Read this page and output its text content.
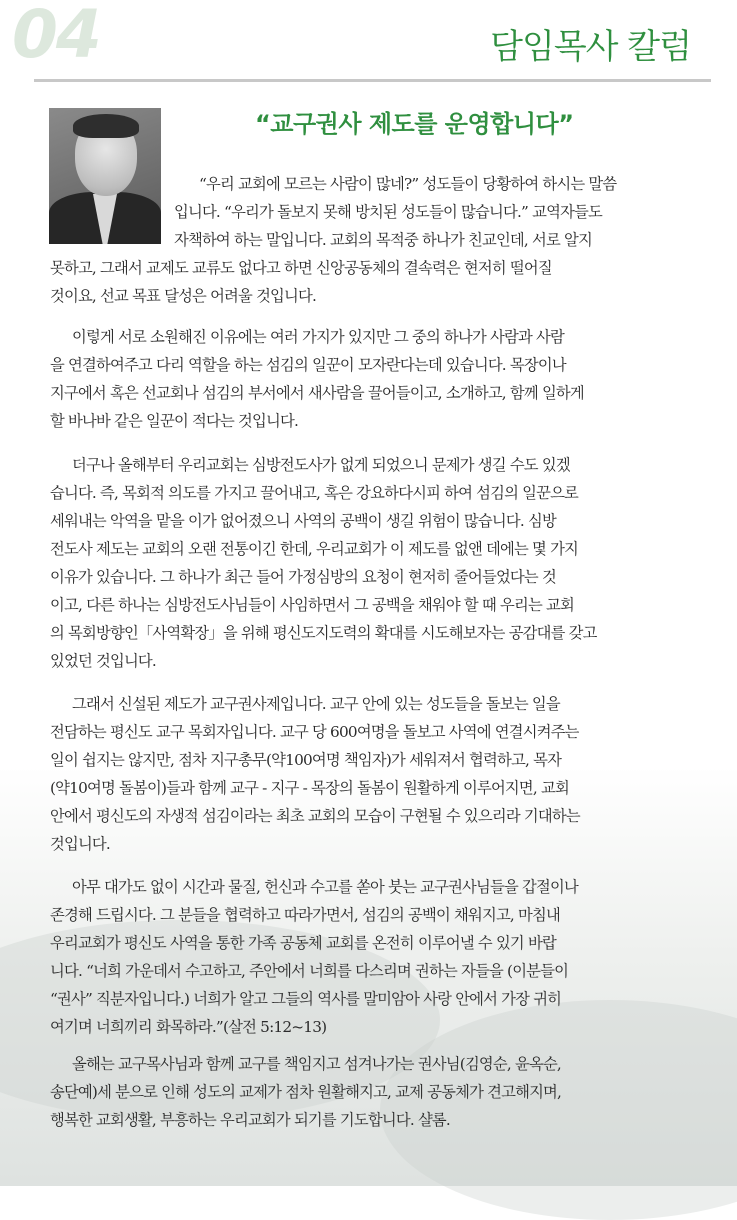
04	담임목사 칼럼
“교구권사 제도를 운영합니다”
“우리 교회에 모르는 사람이 많네?” 성도들이 당황하여 하시는 말씀
입니다. “우리가 돌보지 못해 방치된 성도들이 많습니다.” 교역자들도
자책하여 하는 말입니다. 교회의 목적중 하나가 친교인데, 서로 알지
못하고, 그래서 교제도 교류도 없다고 하면 신앙공동체의 결속력은 현저히 떨어질
것이요, 선교 목표 달성은 어려울 것입니다.
이렇게 서로 소원해진 이유에는 여러 가지가 있지만 그 중의 하나가 사람과 사람
을 연결하여주고 다리 역할을 하는 섬김의 일꾼이 모자란다는데 있습니다. 목장이나
지구에서 혹은 선교회나 섬김의 부서에서 새사람을 끌어들이고, 소개하고, 함께 일하게
할 바나바 같은 일꾼이 적다는 것입니다.
더구나 올해부터 우리교회는 심방전도사가 없게 되었으니 문제가 생길 수도 있겠
습니다. 즉, 목회적 의도를 가지고 끌어내고, 혹은 강요하다시피 하여 섬김의 일꾼으로
세워내는 악역을 맡을 이가 없어졌으니 사역의 공백이 생길 위험이 많습니다. 심방
전도사 제도는 교회의 오랜 전통이긴 한데, 우리교회가 이 제도를 없앤 데에는 몇 가지
이유가 있습니다. 그 하나가 최근 들어 가정심방의 요청이 현저히 줄어들었다는 것
이고, 다른 하나는 심방전도사님들이 사임하면서 그 공백을 채워야 할 때 우리는 교회
의 목회방향인「사역확장」을 위해 평신도지도력의 확대를 시도해보자는 공감대를 갖고
있었던 것입니다.
그래서 신설된 제도가 교구권사제입니다. 교구 안에 있는 성도들을 돌보는 일을
전담하는 평신도 교구 목회자입니다. 교구 당 600여명을 돌보고 사역에 연결시켜주는
일이 쉽지는 않지만, 점차 지구총무(약100여명 책임자)가 세워져서 협력하고, 목자
(약10여명 돌봄이)들과 함께 교구 - 지구 - 목장의 돌봄이 원활하게 이루어지면, 교회
안에서 평신도의 자생적 섬김이라는 최초 교회의 모습이 구현될 수 있으리라 기대하는
것입니다.
아무 대가도 없이 시간과 물질, 헌신과 수고를 쏟아 붓는 교구권사님들을 갑절이나
존경해 드립시다. 그 분들을 협력하고 따라가면서, 섬김의 공백이 채워지고, 마침내
우리교회가 평신도 사역을 통한 가족 공동체 교회를 온전히 이루어낼 수 있기 바랍
니다. “너희 가운데서 수고하고, 주안에서 너희를 다스리며 권하는 자들을 (이분들이
“권사” 직분자입니다.) 너희가 알고 그들의 역사를 말미암아 사랑 안에서 가장 귀히
여기며 너희끼리 화목하라.”(살전 5:12~13)
올해는 교구목사님과 함께 교구를 책임지고 섬겨나가는 권사님(김영순, 윤옥순,
송단예)세 분으로 인해 성도의 교제가 점차 원활해지고, 교제 공동체가 견고해지며,
행복한 교회생활, 부흥하는 우리교회가 되기를 기도합니다. 샬롬.
